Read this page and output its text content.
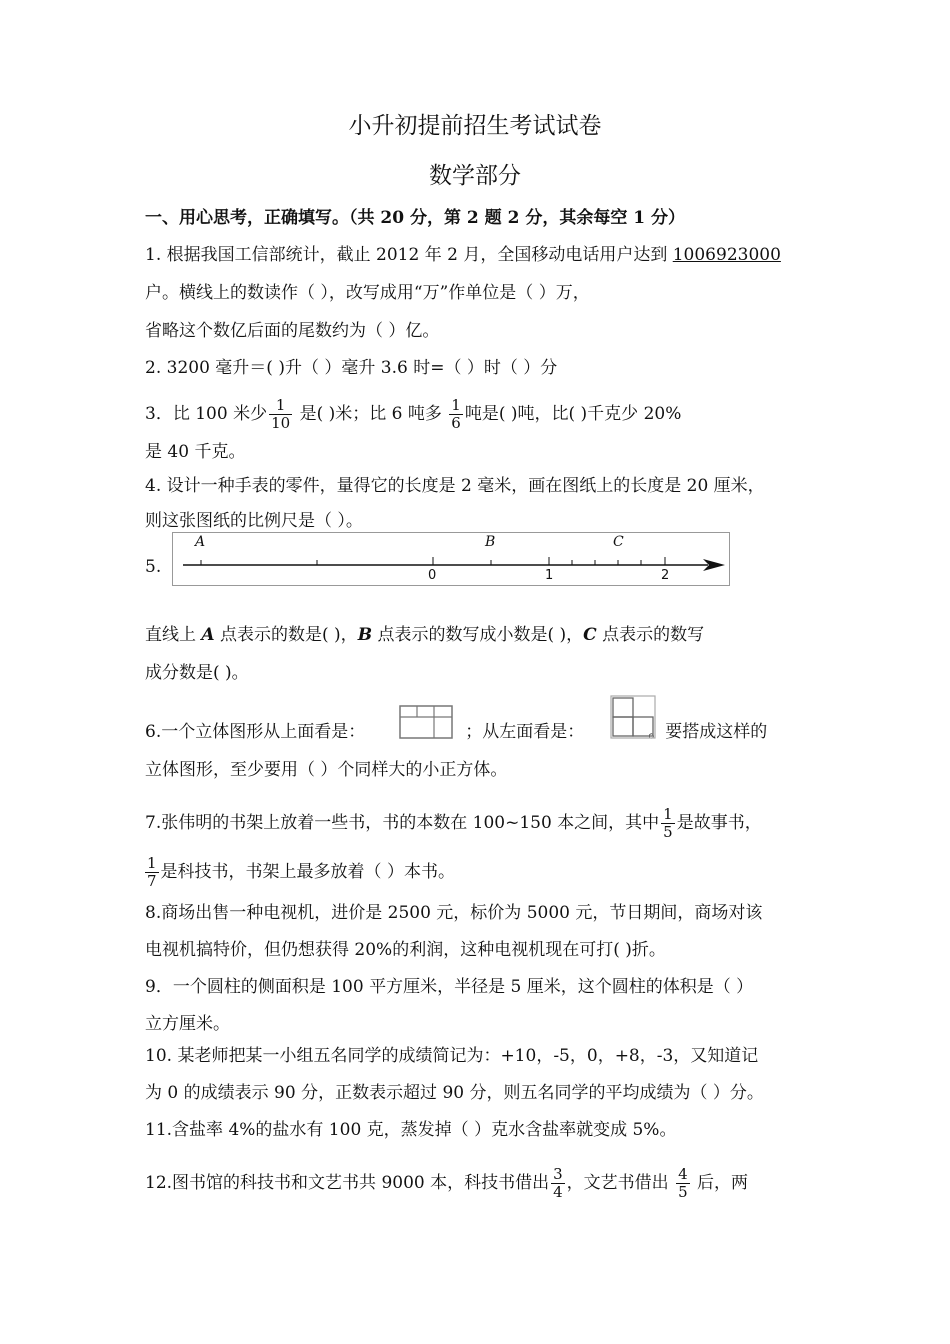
小升初提前招生考试试卷
数学部分
一、用心思考，正确填写。（共 20 分，第 2 题 2 分，其余每空 1 分）
1. 根据我国工信部统计，截止 2012 年 2 月，全国移动电话用户达到 1006923000
户。横线上的数读作（ ），改写成用“万”作单位是（ ）万，
省略这个数亿后面的尾数约为（ ）亿。
2. 3200 毫升＝( )升（ ）毫升 3.6 时=（ ）时（ ）分
3．比 100 米少 $\frac{1}{10}$ 是( )米；比 6 吨多 $\frac{1}{6}$ 吨是( )吨，比( )千克少 20%
是 40 千克。
4. 设计一种手表的零件，量得它的长度是 2 毫米，画在图纸上的长度是 20 厘米，
则这张图纸的比例尺是（ ）。
5.
A	B	C
0	1	2
直线上 A 点表示的数是( )，B 点表示的数写成小数是( )，C 点表示的数写
成分数是( )。
6.一个立体图形从上面看是：	；从左面看是：	。要搭成这样的
立体图形，至少要用（ ）个同样大的小正方体。
7.张伟明的书架上放着一些书，书的本数在 100~150 本之间，其中 $\frac{1}{5}$ 是故事书，
$\frac{1}{7}$ 是科技书，书架上最多放着（ ）本书。
8.商场出售一种电视机，进价是 2500 元，标价为 5000 元，节日期间，商场对该
电视机搞特价，但仍想获得 20%的利润，这种电视机现在可打( )折。
9．一个圆柱的侧面积是 100 平方厘米，半径是 5 厘米，这个圆柱的体积是（ ）
立方厘米。
10. 某老师把某一小组五名同学的成绩简记为：+10，-5，0，+8，-3，又知道记
为 0 的成绩表示 90 分，正数表示超过 90 分，则五名同学的平均成绩为（ ）分。
11.含盐率 4%的盐水有 100 克，蒸发掉（ ）克水含盐率就变成 5%。
12.图书馆的科技书和文艺书共 9000 本，科技书借出 $\frac{3}{4}$ ，文艺书借出 $\frac{4}{5}$ 后，两
